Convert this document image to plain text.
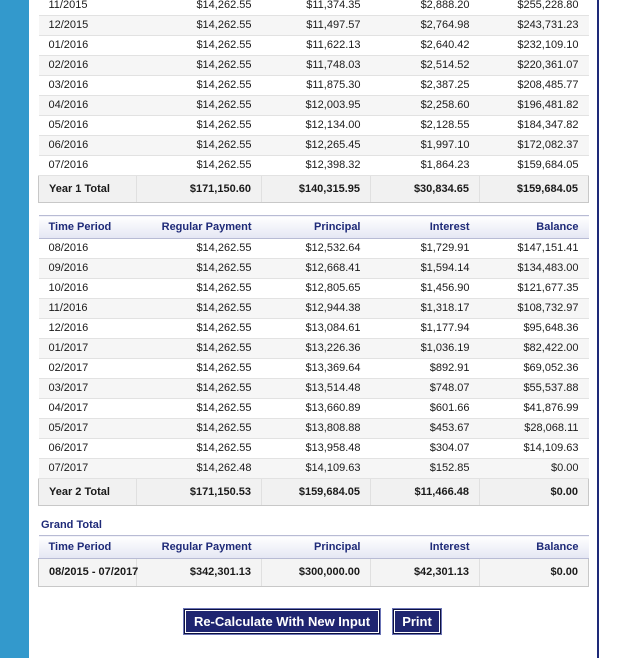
11/2015	$14,262.55	$11,374.35	$2,888.20	$255,228.80
12/2015	$14,262.55	$11,497.57	$2,764.98	$243,731.23
01/2016	$14,262.55	$11,622.13	$2,640.42	$232,109.10
02/2016	$14,262.55	$11,748.03	$2,514.52	$220,361.07
03/2016	$14,262.55	$11,875.30	$2,387.25	$208,485.77
04/2016	$14,262.55	$12,003.95	$2,258.60	$196,481.82
05/2016	$14,262.55	$12,134.00	$2,128.55	$184,347.82
06/2016	$14,262.55	$12,265.45	$1,997.10	$172,082.37
07/2016	$14,262.55	$12,398.32	$1,864.23	$159,684.05
Year 1 Total	$171,150.60	$140,315.95	$30,834.65	$159,684.05
Time Period	Regular Payment	Principal	Interest	Balance
08/2016	$14,262.55	$12,532.64	$1,729.91	$147,151.41
09/2016	$14,262.55	$12,668.41	$1,594.14	$134,483.00
10/2016	$14,262.55	$12,805.65	$1,456.90	$121,677.35
11/2016	$14,262.55	$12,944.38	$1,318.17	$108,732.97
12/2016	$14,262.55	$13,084.61	$1,177.94	$95,648.36
01/2017	$14,262.55	$13,226.36	$1,036.19	$82,422.00
02/2017	$14,262.55	$13,369.64	$892.91	$69,052.36
03/2017	$14,262.55	$13,514.48	$748.07	$55,537.88
04/2017	$14,262.55	$13,660.89	$601.66	$41,876.99
05/2017	$14,262.55	$13,808.88	$453.67	$28,068.11
06/2017	$14,262.55	$13,958.48	$304.07	$14,109.63
07/2017	$14,262.48	$14,109.63	$152.85	$0.00
Year 2 Total	$171,150.53	$159,684.05	$11,466.48	$0.00
Grand Total
Time Period	Regular Payment	Principal	Interest	Balance
08/2015 - 07/2017	$342,301.13	$300,000.00	$42,301.13	$0.00
Re-Calculate With New Input	Print
